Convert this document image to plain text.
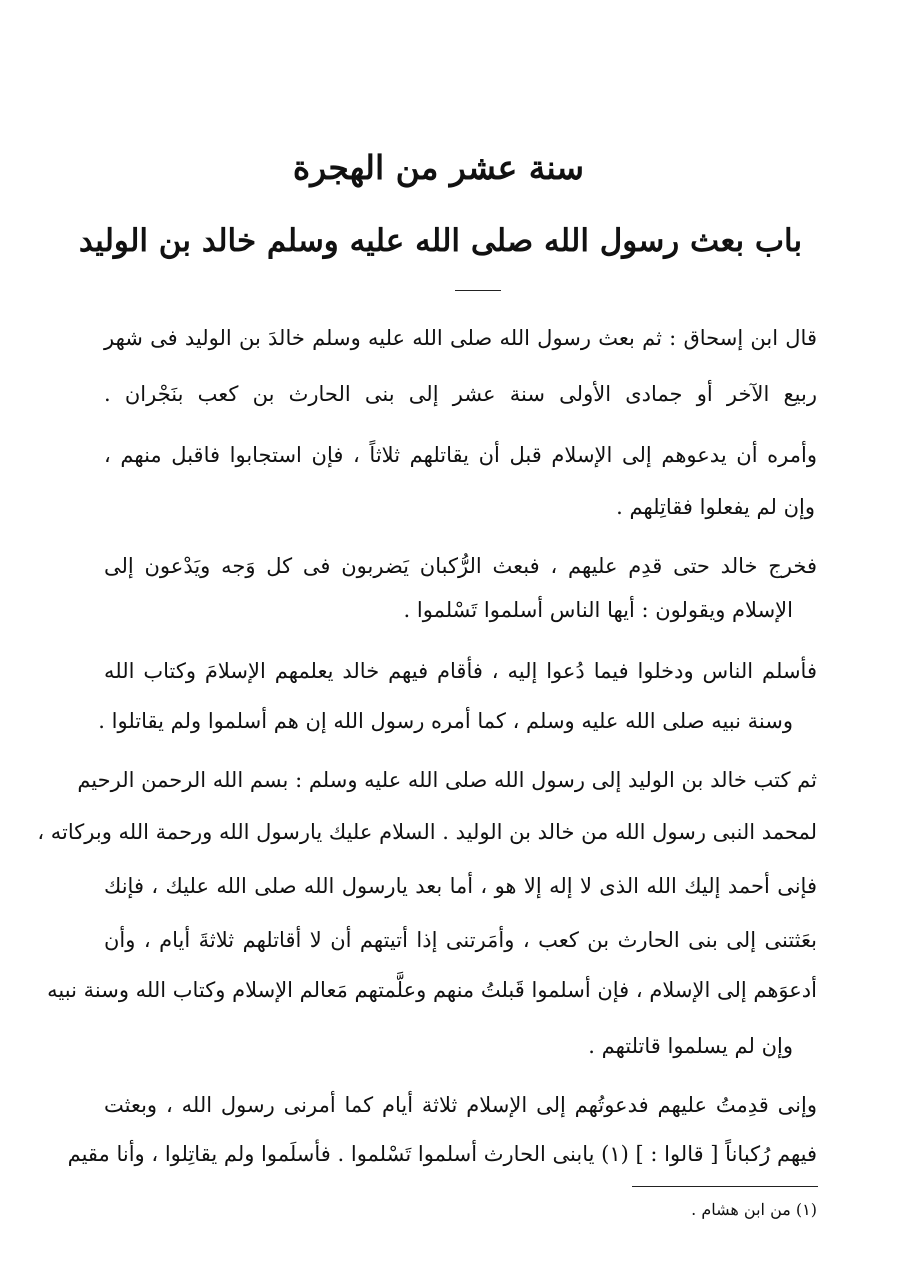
سنة عشر من الهجرة
باب بعث رسول الله صلى الله عليه وسلم خالد بن الوليد
قال ابن إسحاق : ثم بعث رسول الله صلى الله عليه وسلم خالدَ بن الوليد فى شهر
ربيع الآخر أو جمادى الأولى سنة عشر إلى بنى الحارث بن كعب بنَجْران .
وأمره أن يدعوهم إلى الإسلام قبل أن يقاتلهم ثلاثاً ، فإن استجابوا فاقبل منهم ،
وإن لم يفعلوا فقاتِلهم .
فخرج خالد حتى قدِم عليهم ، فبعث الرُّكبان يَضربون فى كل وَجه ويَدْعون إلى
الإسلام ويقولون : أيها الناس أسلموا تَسْلموا .
فأسلم الناس ودخلوا فيما دُعوا إليه ، فأقام فيهم خالد يعلمهم الإسلامَ وكتاب الله
وسنة نبيه صلى الله عليه وسلم ، كما أمره رسول الله إن هم أسلموا ولم يقاتلوا .
ثم كتب خالد بن الوليد إلى رسول الله صلى الله عليه وسلم : بسم الله الرحمن الرحيم
لمحمد النبى رسول الله من خالد بن الوليد . السلام عليك يارسول الله ورحمة الله وبركاته ،
فإنى أحمد إليك الله الذى لا إله إلا هو ، أما بعد يارسول الله صلى الله عليك ، فإنك
بعَثتنى إلى بنى الحارث بن كعب ، وأمَرتنى إذا أتيتهم أن لا أقاتلهم ثلاثةَ أيام ، وأن
أدعوَهم إلى الإسلام ، فإن أسلموا قَبلتُ منهم وعلَّمتهم مَعالم الإسلام وكتاب الله وسنة نبيه
وإن لم يسلموا قاتلتهم .
وإنى قدِمتُ عليهم فدعوتُهم إلى الإسلام ثلاثة أيام كما أمرنى رسول الله ، وبعثت
فيهم رُكباناً [ قالوا : ] (١) يابنى الحارث أسلموا تَسْلموا . فأسلَموا ولم يقاتِلوا ، وأنا مقيم
(١) من ابن هشام .
